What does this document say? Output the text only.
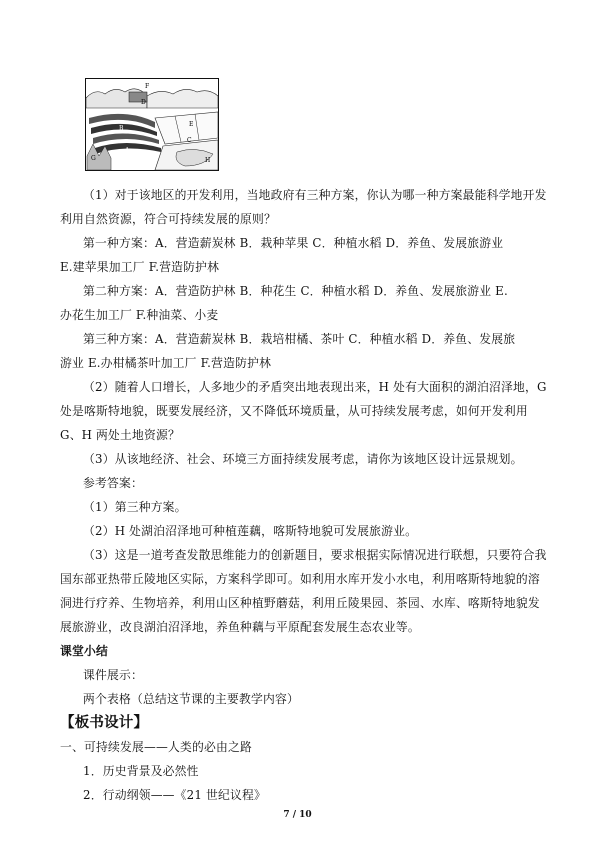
F
D
E
C
B
A
G	H
（1）对于该地区的开发利用，当地政府有三种方案，你认为哪一种方案最能科学地开发
利用自然资源，符合可持续发展的原则？
第一种方案：A．营造薪炭林 B．栽种苹果 C．种植水稻 D．养鱼、发展旅游业
E.建苹果加工厂 F.营造防护林
第二种方案：A．营造防护林 B．种花生 C．种植水稻 D．养鱼、发展旅游业 E.
办花生加工厂 F.种油菜、小麦
第三种方案：A．营造薪炭林 B．栽培柑橘、茶叶 C．种植水稻 D．养鱼、发展旅
游业 E.办柑橘茶叶加工厂 F.营造防护林
（2）随着人口增长，人多地少的矛盾突出地表现出来，H 处有大面积的湖泊沼泽地，G
处是喀斯特地貌，既要发展经济，又不降低环境质量，从可持续发展考虑，如何开发利用
G、H 两处土地资源？
（3）从该地经济、社会、环境三方面持续发展考虑，请你为该地区设计远景规划。
参考答案：
（1）第三种方案。
（2）H 处湖泊沼泽地可种植莲藕，喀斯特地貌可发展旅游业。
（3）这是一道考查发散思维能力的创新题目，要求根据实际情况进行联想，只要符合我
国东部亚热带丘陵地区实际，方案科学即可。如利用水库开发小水电，利用喀斯特地貌的溶
洞进行疗养、生物培养，利用山区种植野蘑菇，利用丘陵果园、茶园、水库、喀斯特地貌发
展旅游业，改良湖泊沼泽地，养鱼种藕与平原配套发展生态农业等。
课堂小结
课件展示：
两个表格（总结这节课的主要教学内容）
【板书设计】
一、可持续发展——人类的必由之路
1．历史背景及必然性
2．行动纲领——《21 世纪议程》
7 / 10
